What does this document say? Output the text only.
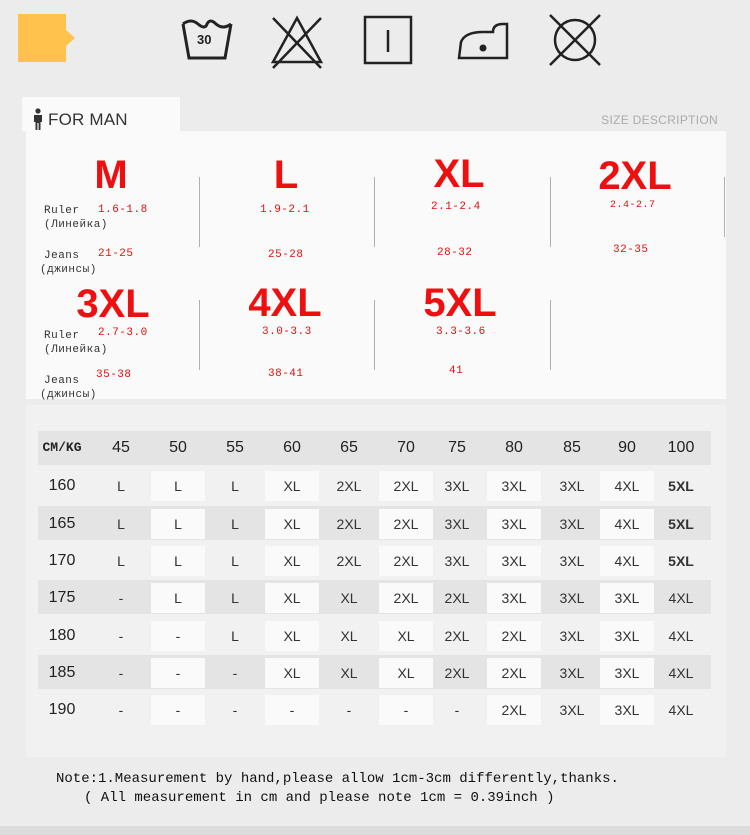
30
FOR MAN	SIZE DESCRIPTION
M	L	XL	2XL
Ruler
(Линейка)
1.6-1.8	1.9-2.1	2.1-2.4	2.4-2.7
Jeans
(джинсы)
21-25	25-28	28-32	32-35
3XL	4XL	5XL
Ruler
(Линейка)
2.7-3.0	3.0-3.3	3.3-3.6
Jeans
(джинсы)
35-38	38-41	41
CM/KG	45	50	55	60	65	70	75	80	85	90	100
160	L	L	L	XL	2XL	2XL	3XL	3XL	3XL	4XL	5XL
165	L	L	L	XL	2XL	2XL	3XL	3XL	3XL	4XL	5XL
170	L	L	L	XL	2XL	2XL	3XL	3XL	3XL	4XL	5XL
175	-	L	L	XL	XL	2XL	2XL	3XL	3XL	3XL	4XL
180	-	-	L	XL	XL	XL	2XL	2XL	3XL	3XL	4XL
185	-	-	-	XL	XL	XL	2XL	2XL	3XL	3XL	4XL
190	-	-	-	-	-	-	-	2XL	3XL	3XL	4XL
Note:1.Measurement by hand,please allow 1cm-3cm differently,thanks.
( All measurement in cm and please note 1cm = 0.39inch )
